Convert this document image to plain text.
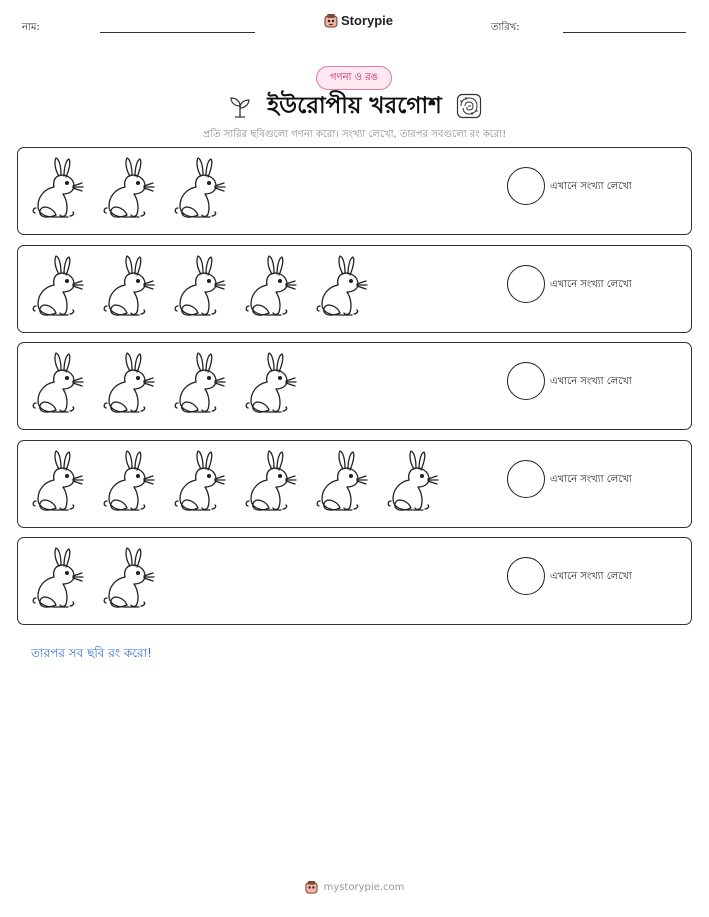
নাম:	Storypie	তারিখ:
গণনা ও রঙ
ইউরোপীয় খরগোশ
প্রতি সারির ছবিগুলো গণনা করো। সংখ্যা লেখো, তারপর সবগুলো রং করো!
এখানে সংখ্যা লেখো
এখানে সংখ্যা লেখো
এখানে সংখ্যা লেখো
এখানে সংখ্যা লেখো
এখানে সংখ্যা লেখো
তারপর সব ছবি রং করো!
mystorypie.com
